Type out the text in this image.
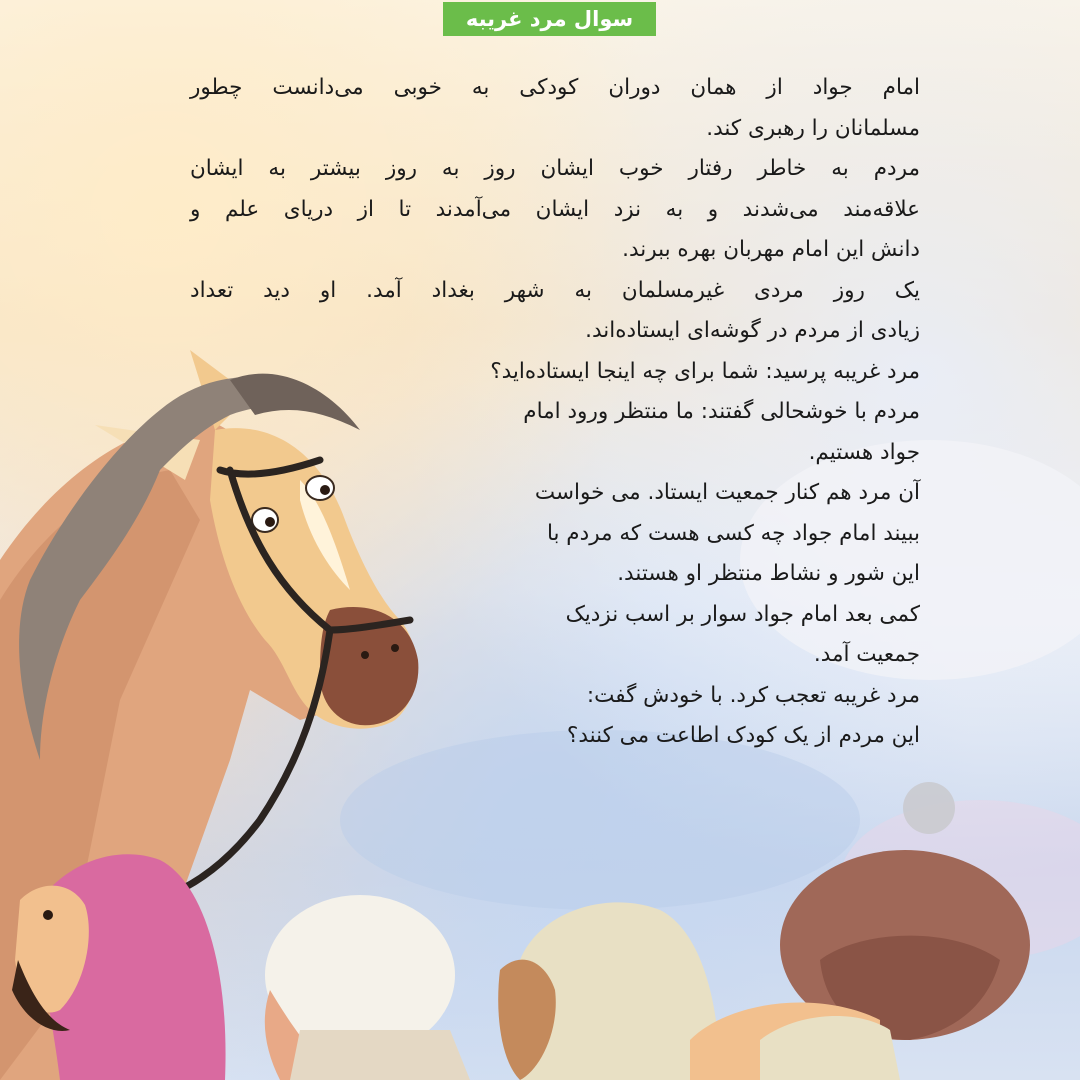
سوال مرد غریبه
امام جواد از همان دوران کودکی به خوبی می‌دانست چطور
مسلمانان را رهبری کند.
مردم به خاطر رفتار خوب ایشان روز به روز بیشتر به ایشان
علاقه‌مند می‌شدند و به نزد ایشان می‌آمدند تا از دریای علم و
دانش این امام مهربان بهره ببرند.
یک روز مردی غیرمسلمان به شهر بغداد آمد. او دید تعداد
زیادی از مردم در گوشه‌ای ایستاده‌اند.
مرد غریبه پرسید: شما برای چه اینجا ایستاده‌اید؟
مردم با خوشحالی گفتند: ما منتظر ورود امام
جواد هستیم.
آن مرد هم کنار جمعیت ایستاد. می خواست
ببیند امام جواد چه کسی هست که مردم با
این شور و نشاط منتظر او هستند.
کمی بعد امام جواد سوار بر اسب نزدیک
جمعیت آمد.
مرد غریبه تعجب کرد. با خودش گفت:
این مردم از یک کودک اطاعت می کنند؟
